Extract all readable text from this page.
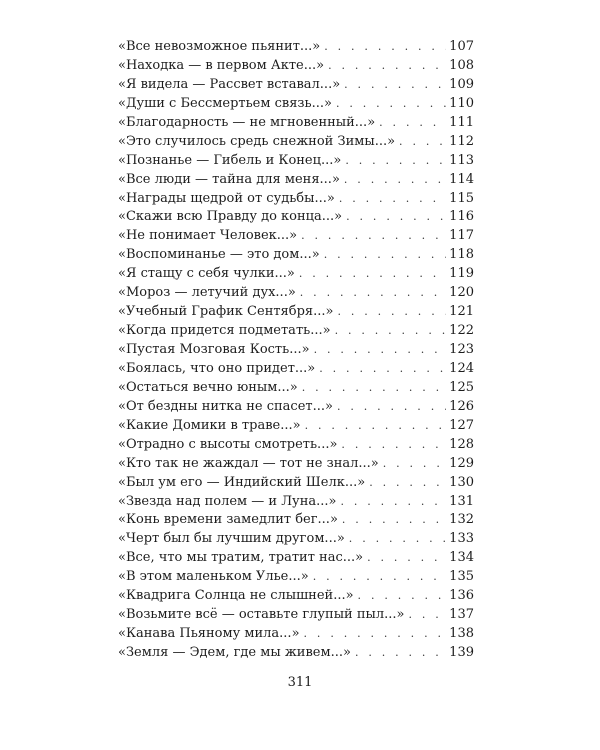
«Все невозможное пьянит...» . . .	107
«Находка — в первом Акте...» . . .	108
«Я видела — Рассвет вставал...» . . .	109
«Души с Бессмертьем связь...» . . .	110
«Благодарность — не мгновенный...» . . .	111
«Это случилось средь снежной Зимы...» . . .	112
«Познанье — Гибель и Конец...» . . .	113
«Все люди — тайна для меня...» . . .	114
«Награды щедрой от судьбы...» . . .	115
«Скажи всю Правду до конца...» . . .	116
«Не понимает Человек...» . . .	117
«Воспоминанье — это дом...» . . .	118
«Я стащу с себя чулки...» . . .	119
«Мороз — летучий дух...» . . .	120
«Учебный График Сентября...» . . .	121
«Когда придется подметать...» . . .	122
«Пустая Мозговая Кость...» . . .	123
«Боялась, что оно придет...» . . .	124
«Остаться вечно юным...» . . .	125
«От бездны нитка не спасет...» . . .	126
«Какие Домики в траве...» . . .	127
«Отрадно с высоты смотреть...» . . .	128
«Кто так не жаждал — тот не знал...» . . .	129
«Был ум его — Индийский Шелк...» . . .	130
«Звезда над полем — и Луна...» . . .	131
«Конь времени замедлит бег...» . . .	132
«Черт был бы лучшим другом...» . . .	133
«Все, что мы тратим, тратит нас...» . . .	134
«В этом маленьком Улье...» . . .	135
«Квадрига Солнца не слышней...» . . .	136
«Возьмите всё — оставьте глупый пыл...» . . .	137
«Канава Пьяному мила...» . . .	138
«Земля — Эдем, где мы живем...» . . .	139
311
